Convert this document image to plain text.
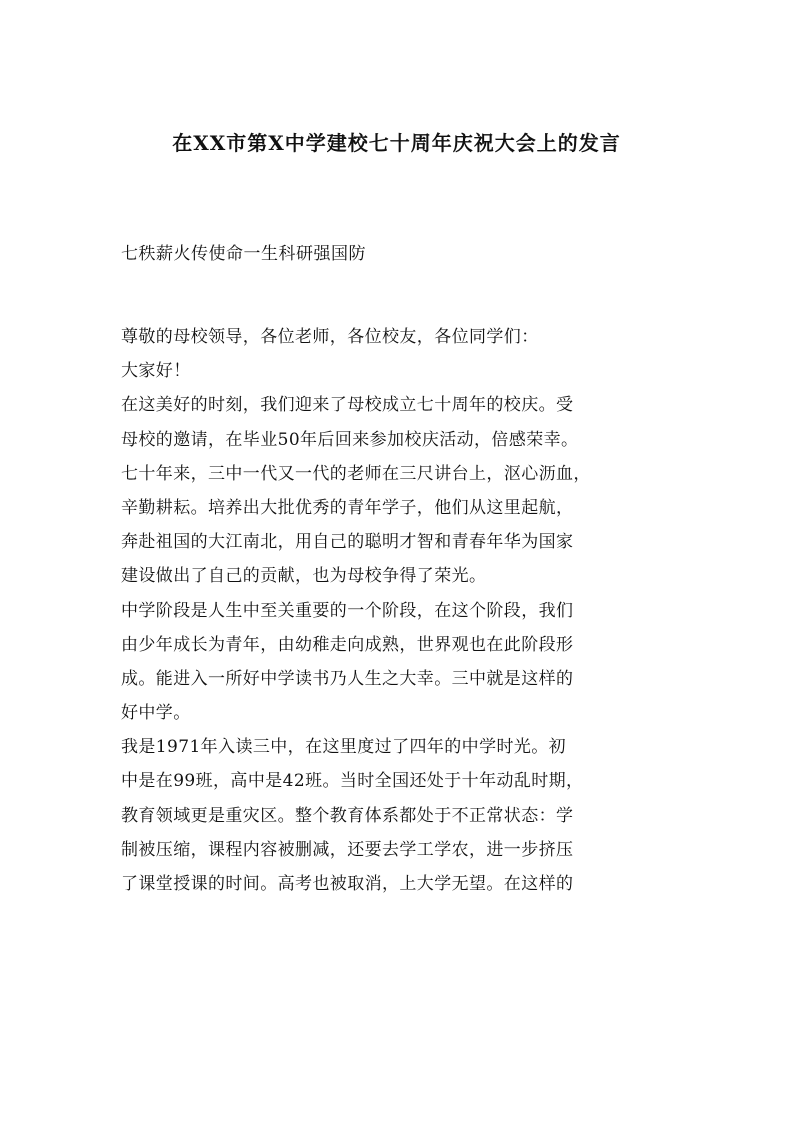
在XX市第X中学建校七十周年庆祝大会上的发言
七秩薪火传使命一生科研强国防
尊敬的母校领导，各位老师，各位校友，各位同学们：
大家好！
在这美好的时刻，我们迎来了母校成立七十周年的校庆。受
母校的邀请，在毕业50年后回来参加校庆活动，倍感荣幸。
七十年来，三中一代又一代的老师在三尺讲台上，沤心沥血，
辛勤耕耘。培养出大批优秀的青年学子，他们从这里起航，
奔赴祖国的大江南北，用自己的聪明才智和青春年华为国家
建设做出了自己的贡献，也为母校争得了荣光。
中学阶段是人生中至关重要的一个阶段，在这个阶段，我们
由少年成长为青年，由幼稚走向成熟，世界观也在此阶段形
成。能进入一所好中学读书乃人生之大幸。三中就是这样的
好中学。
我是1971年入读三中，在这里度过了四年的中学时光。初
中是在99班，高中是42班。当时全国还处于十年动乱时期，
教育领域更是重灾区。整个教育体系都处于不正常状态：学
制被压缩，课程内容被删减，还要去学工学农，进一步挤压
了课堂授课的时间。高考也被取消，上大学无望。在这样的
